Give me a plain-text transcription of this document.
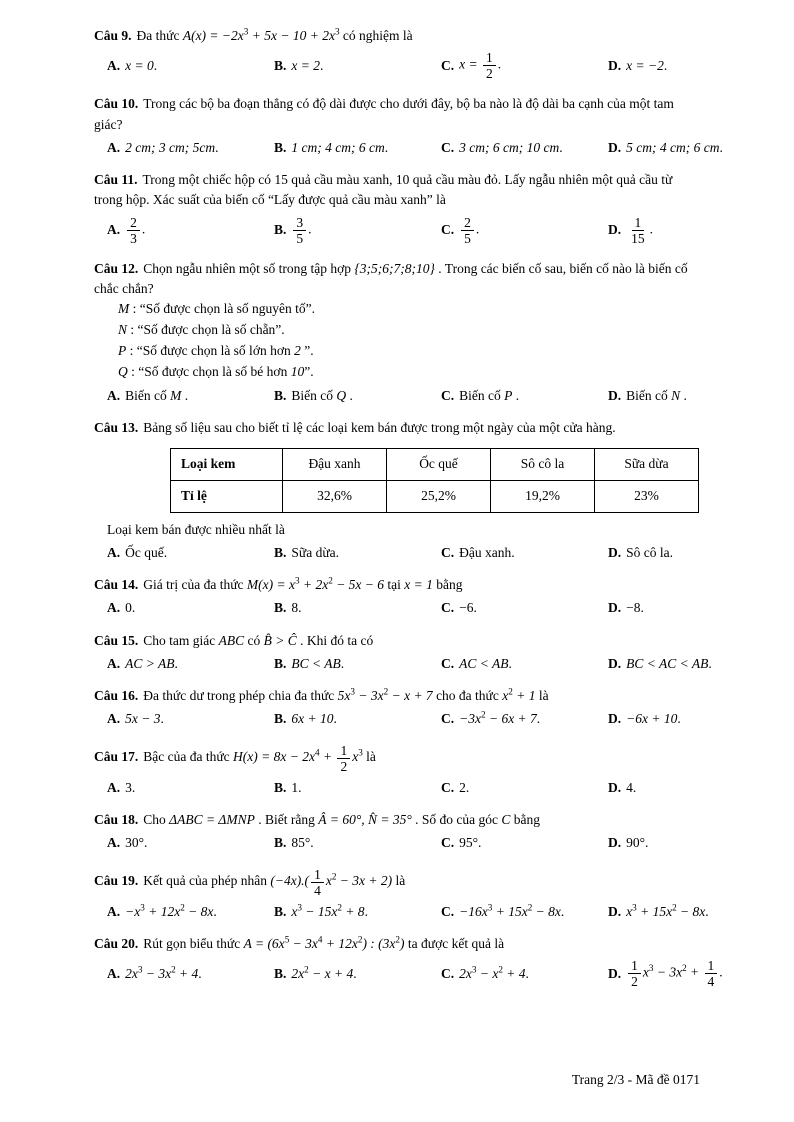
Câu 9. Đa thức $A(x) = -2x^3 + 5x - 10 + 2x^3$ có nghiệm là

A. x = 0.	B. x = 2.	C. $x = \frac{1}{2}$ .	D. x = −2.

Câu 10. Trong các bộ ba đoạn thẳng có độ dài được cho dưới đây, bộ ba nào là độ dài ba cạnh của một tam giác?

A. 2 cm; 3 cm; 5cm.	B. 1 cm; 4 cm; 6 cm.	C. 3 cm; 6 cm; 10 cm.	D. 5 cm; 4 cm; 6 cm.

Câu 11. Trong một chiếc hộp có 15 quả cầu màu xanh, 10 quả cầu màu đỏ. Lấy ngẫu nhiên một quả cầu từ trong hộp. Xác suất của biến cố “Lấy được quả cầu màu xanh” là

A. $\frac{2}{3}$ .	B. $\frac{3}{5}$ .	C. $\frac{2}{5}$ .	D. $\frac{1}{15}$ .

Câu 12. Chọn ngẫu nhiên một số trong tập hợp {3;5;6;7;8;10} . Trong các biến cố sau, biến cố nào là biến cố chắc chắn?

M : “Số được chọn là số nguyên tố”.

N : “Số được chọn là số chẵn”.

P : “Số được chọn là số lớn hơn 2 ”.

Q : “Số được chọn là số bé hơn 10”.

A. Biến cố M .	B. Biến cố Q .	C. Biến cố P .	D. Biến cố N .

Câu 13. Bảng số liệu sau cho biết tỉ lệ các loại kem bán được trong một ngày của một cửa hàng.

Loại kem	Đậu xanh	Ốc quế	Sô cô la	Sữa dừa
Tỉ lệ	32,6%	25,2%	19,2%	23%

Loại kem bán được nhiều nhất là

A. Ốc quế.	B. Sữa dừa.	C. Đậu xanh.	D. Sô cô la.

Câu 14. Giá trị của đa thức $M(x) = x^3 + 2x^2 - 5x - 6$ tại x = 1 bằng

A. 0.	B. 8.	C. −6.	D. −8.

Câu 15. Cho tam giác ABC có B̂ > Ĉ . Khi đó ta có

A. AC > AB.	B. BC < AB.	C. AC < AB.	D. BC < AC < AB.

Câu 16. Đa thức dư trong phép chia đa thức $5x^3 - 3x^2 - x + 7$ cho đa thức $x^2 + 1$ là

A. 5x − 3.	B. 6x + 10.	C. $-3x^2 - 6x + 7$.	D. −6x + 10.

Câu 17. Bậc của đa thức $H(x) = 8x - 2x^4 + \frac{1}{2} x^3$ là

A. 3.	B. 1.	C. 2.	D. 4.

Câu 18. Cho ΔABC = ΔMNP . Biết rằng Â = 60°, N̂ = 35° . Số đo của góc C bằng

A. 30°.	B. 85°.	C. 95°.	D. 90°.

Câu 19. Kết quả của phép nhân $(-4x).( \frac{1}{4} x^2 - 3x + 2)$ là

A. $-x^3 + 12x^2 - 8x$.	B. $x^3 - 15x^2 + 8$.	C. $-16x^3 + 15x^2 - 8x$.	D. $x^3 + 15x^2 - 8x$.

Câu 20. Rút gọn biểu thức $A = (6x^5 - 3x^4 + 12x^2)$ : $(3x^2)$ ta được kết quả là

A. $2x^3 - 3x^2 + 4$.	B. $2x^2 - x + 4$.	C. $2x^3 - x^2 + 4$.	D. $\frac{1}{2} x^3 - 3x^2 + \frac{1}{4}$ .
Trang 2/3 - Mã đề 0171
